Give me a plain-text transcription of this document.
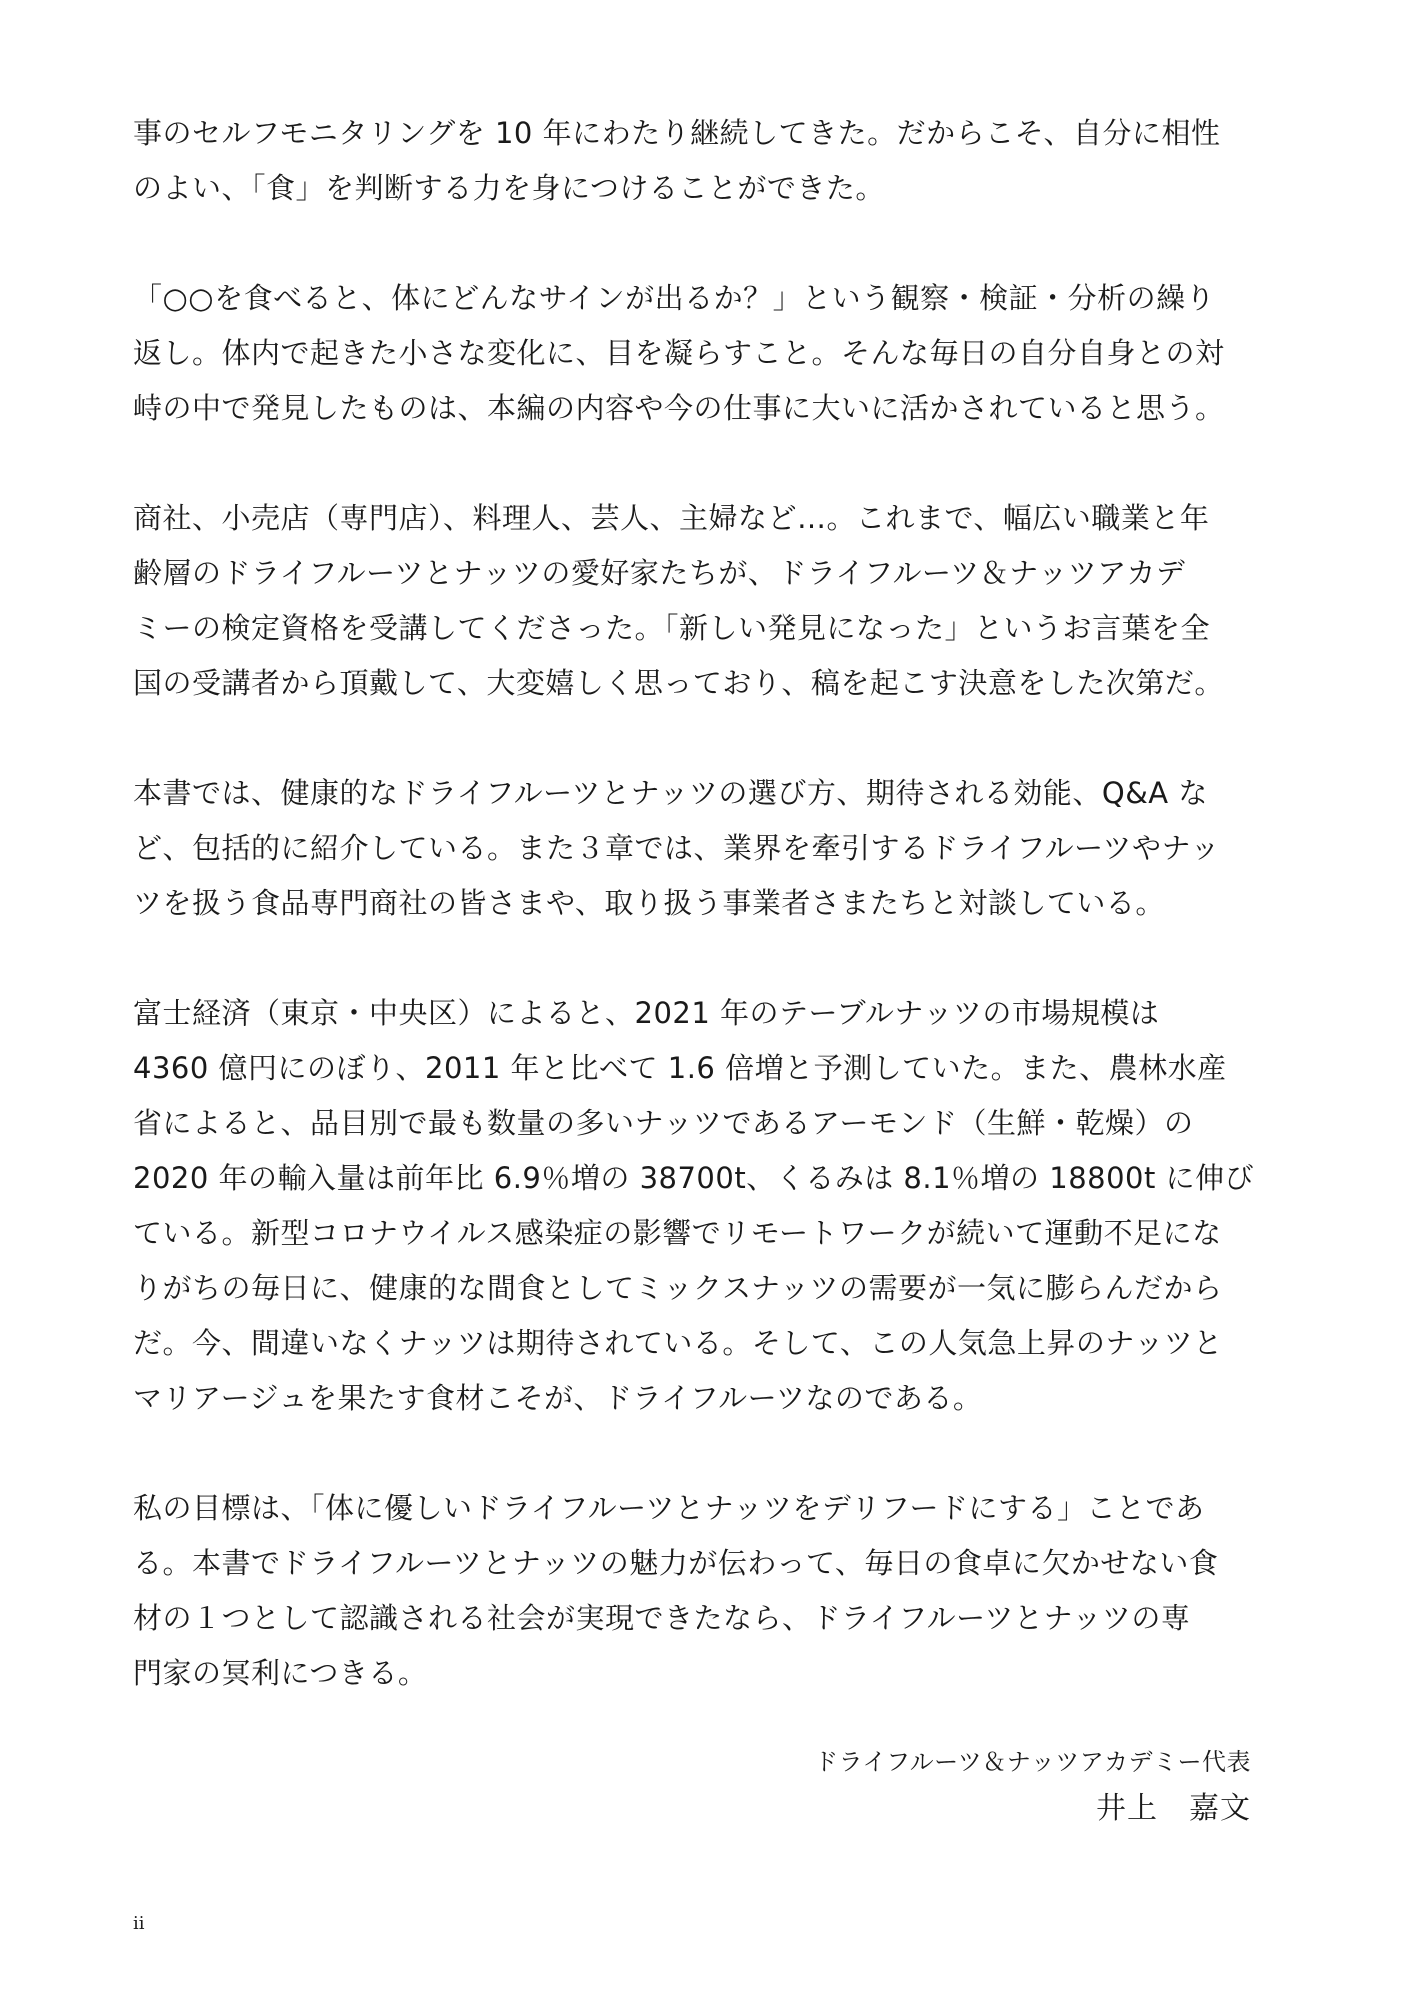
事のセルフモニタリングを 10 年にわたり継続してきた。だからこそ、自分に相性
のよい、「食」を判断する力を身につけることができた。

「○○を食べると、体にどんなサインが出るか？」という観察・検証・分析の繰り
返し。体内で起きた小さな変化に、目を凝らすこと。そんな毎日の自分自身との対
峙の中で発見したものは、本編の内容や今の仕事に大いに活かされていると思う。

商社、小売店（専門店）、料理人、芸人、主婦など…。これまで、幅広い職業と年
齢層のドライフルーツとナッツの愛好家たちが、ドライフルーツ＆ナッツアカデ
ミーの検定資格を受講してくださった。「新しい発見になった」というお言葉を全
国の受講者から頂戴して、大変嬉しく思っており、稿を起こす決意をした次第だ。

本書では、健康的なドライフルーツとナッツの選び方、期待される効能、Q&A な
ど、包括的に紹介している。また３章では、業界を牽引するドライフルーツやナッ
ツを扱う食品専門商社の皆さまや、取り扱う事業者さまたちと対談している。

富士経済（東京・中央区）によると、2021 年のテーブルナッツの市場規模は
4360 億円にのぼり、2011 年と比べて 1.6 倍増と予測していた。また、農林水産
省によると、品目別で最も数量の多いナッツであるアーモンド（生鮮・乾燥）の
2020 年の輸入量は前年比 6.9％増の 38700t、くるみは 8.1％増の 18800t に伸び
ている。新型コロナウイルス感染症の影響でリモートワークが続いて運動不足にな
りがちの毎日に、健康的な間食としてミックスナッツの需要が一気に膨らんだから
だ。今、間違いなくナッツは期待されている。そして、この人気急上昇のナッツと
マリアージュを果たす食材こそが、ドライフルーツなのである。

私の目標は、「体に優しいドライフルーツとナッツをデリフードにする」ことであ
る。本書でドライフルーツとナッツの魅力が伝わって、毎日の食卓に欠かせない食
材の１つとして認識される社会が実現できたなら、ドライフルーツとナッツの専
門家の冥利につきる。

ドライフルーツ＆ナッツアカデミー代表
井上　嘉文
ii
